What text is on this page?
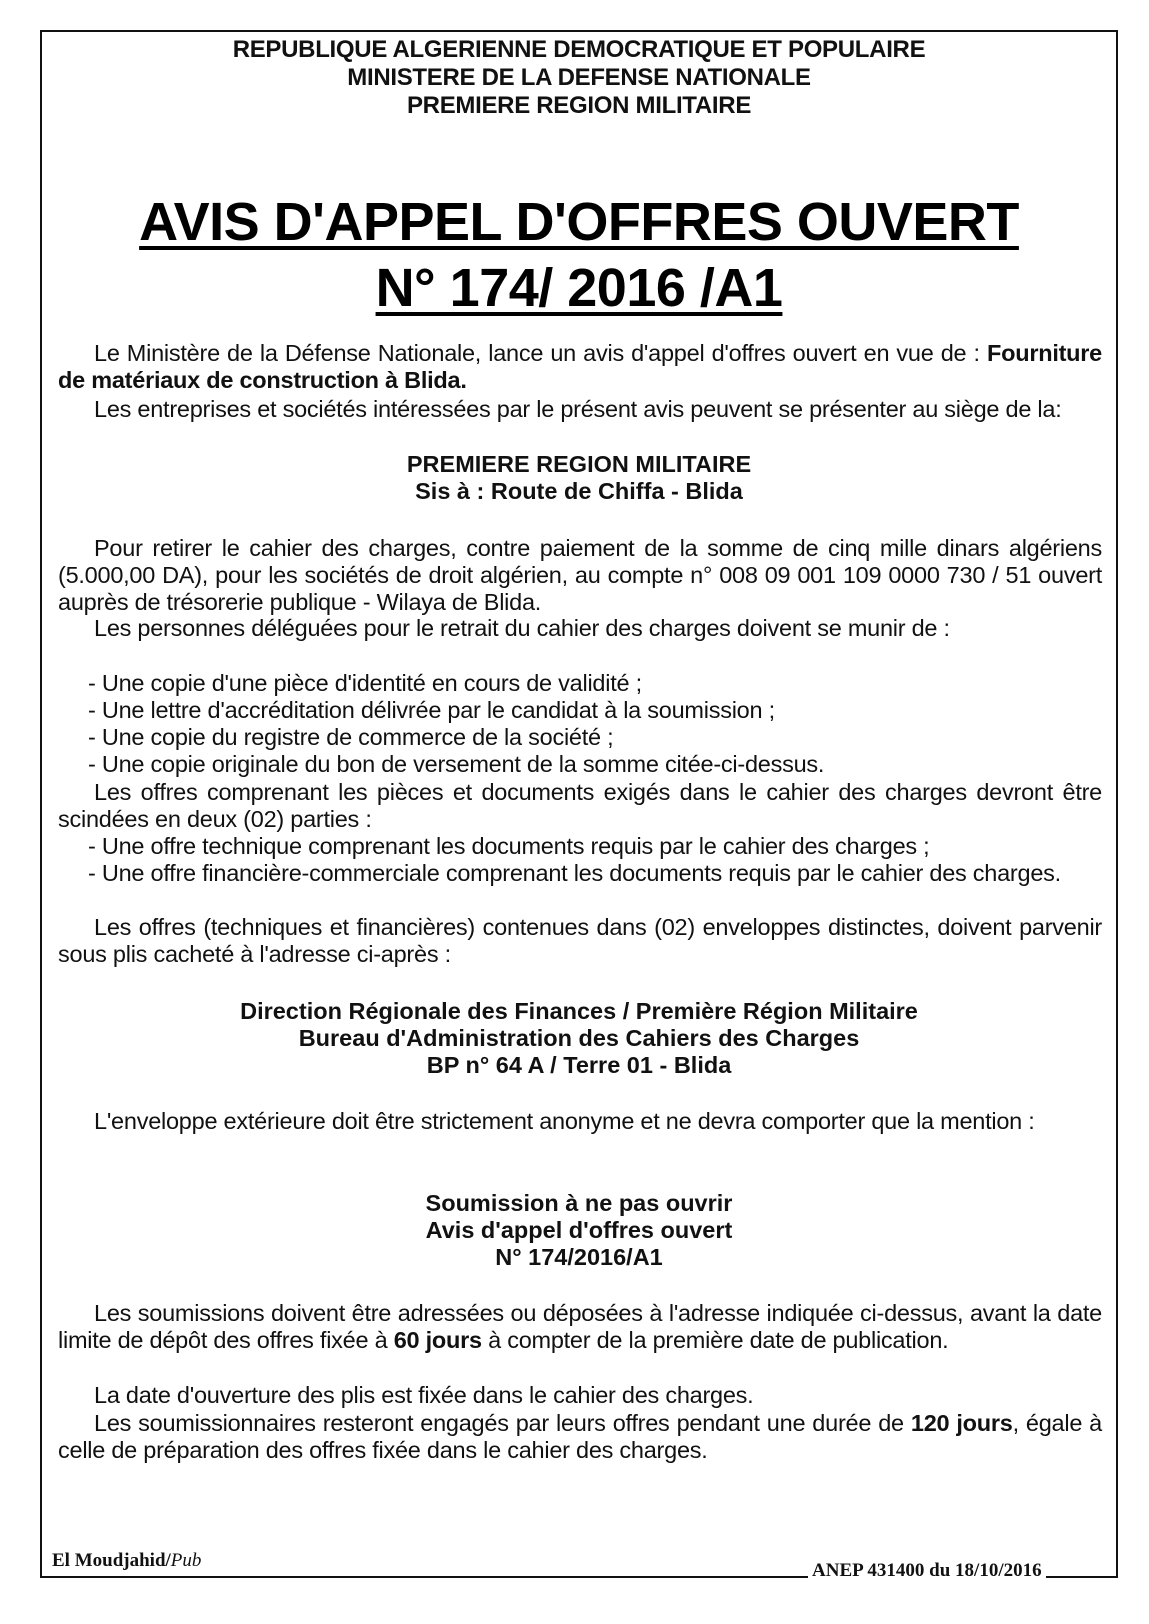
REPUBLIQUE ALGERIENNE DEMOCRATIQUE ET POPULAIRE
MINISTERE DE LA DEFENSE NATIONALE
PREMIERE REGION MILITAIRE
AVIS D'APPEL D'OFFRES OUVERT
N° 174/ 2016 /A1
Le Ministère de la Défense Nationale, lance un avis d'appel d'offres ouvert en vue de : Fourniture de matériaux de construction à Blida.
Les entreprises et sociétés intéressées par le présent avis peuvent se présenter au siège de la:
PREMIERE REGION MILITAIRE
Sis à : Route de Chiffa - Blida
Pour retirer le cahier des charges, contre paiement de la somme de cinq mille dinars algériens (5.000,00 DA), pour les sociétés de droit algérien, au compte n° 008 09 001 109 0000 730 / 51 ouvert auprès de trésorerie publique - Wilaya de Blida.
Les personnes déléguées pour le retrait du cahier des charges doivent se munir de :
- Une copie d'une pièce d'identité en cours de validité ;
- Une lettre d'accréditation délivrée par le candidat à la soumission ;
- Une copie du registre de commerce de la société ;
- Une copie originale du bon de versement de la somme citée-ci-dessus.
Les offres comprenant les pièces et documents exigés dans le cahier des charges devront être scindées en deux (02) parties :
- Une offre technique comprenant les documents requis par le cahier des charges ;
- Une offre financière-commerciale comprenant les documents requis par le cahier des charges.
Les offres (techniques et financières) contenues dans (02) enveloppes distinctes, doivent parvenir sous plis cacheté à l'adresse ci-après :
Direction Régionale des Finances / Première Région Militaire
Bureau d'Administration des Cahiers des Charges
BP n° 64 A / Terre 01 - Blida
L'enveloppe extérieure doit être strictement anonyme et ne devra comporter que la mention :
Soumission à ne pas ouvrir
Avis d'appel d'offres ouvert
N° 174/2016/A1
Les soumissions doivent être adressées ou déposées à l'adresse indiquée ci-dessus, avant la date limite de dépôt des offres fixée à 60 jours à compter de la première date de publication.
La date d'ouverture des plis est fixée dans le cahier des charges.
Les soumissionnaires resteront engagés par leurs offres pendant une durée de 120 jours, égale à celle de préparation des offres fixée dans le cahier des charges.
El Moudjahid/Pub	ANEP 431400 du 18/10/2016
